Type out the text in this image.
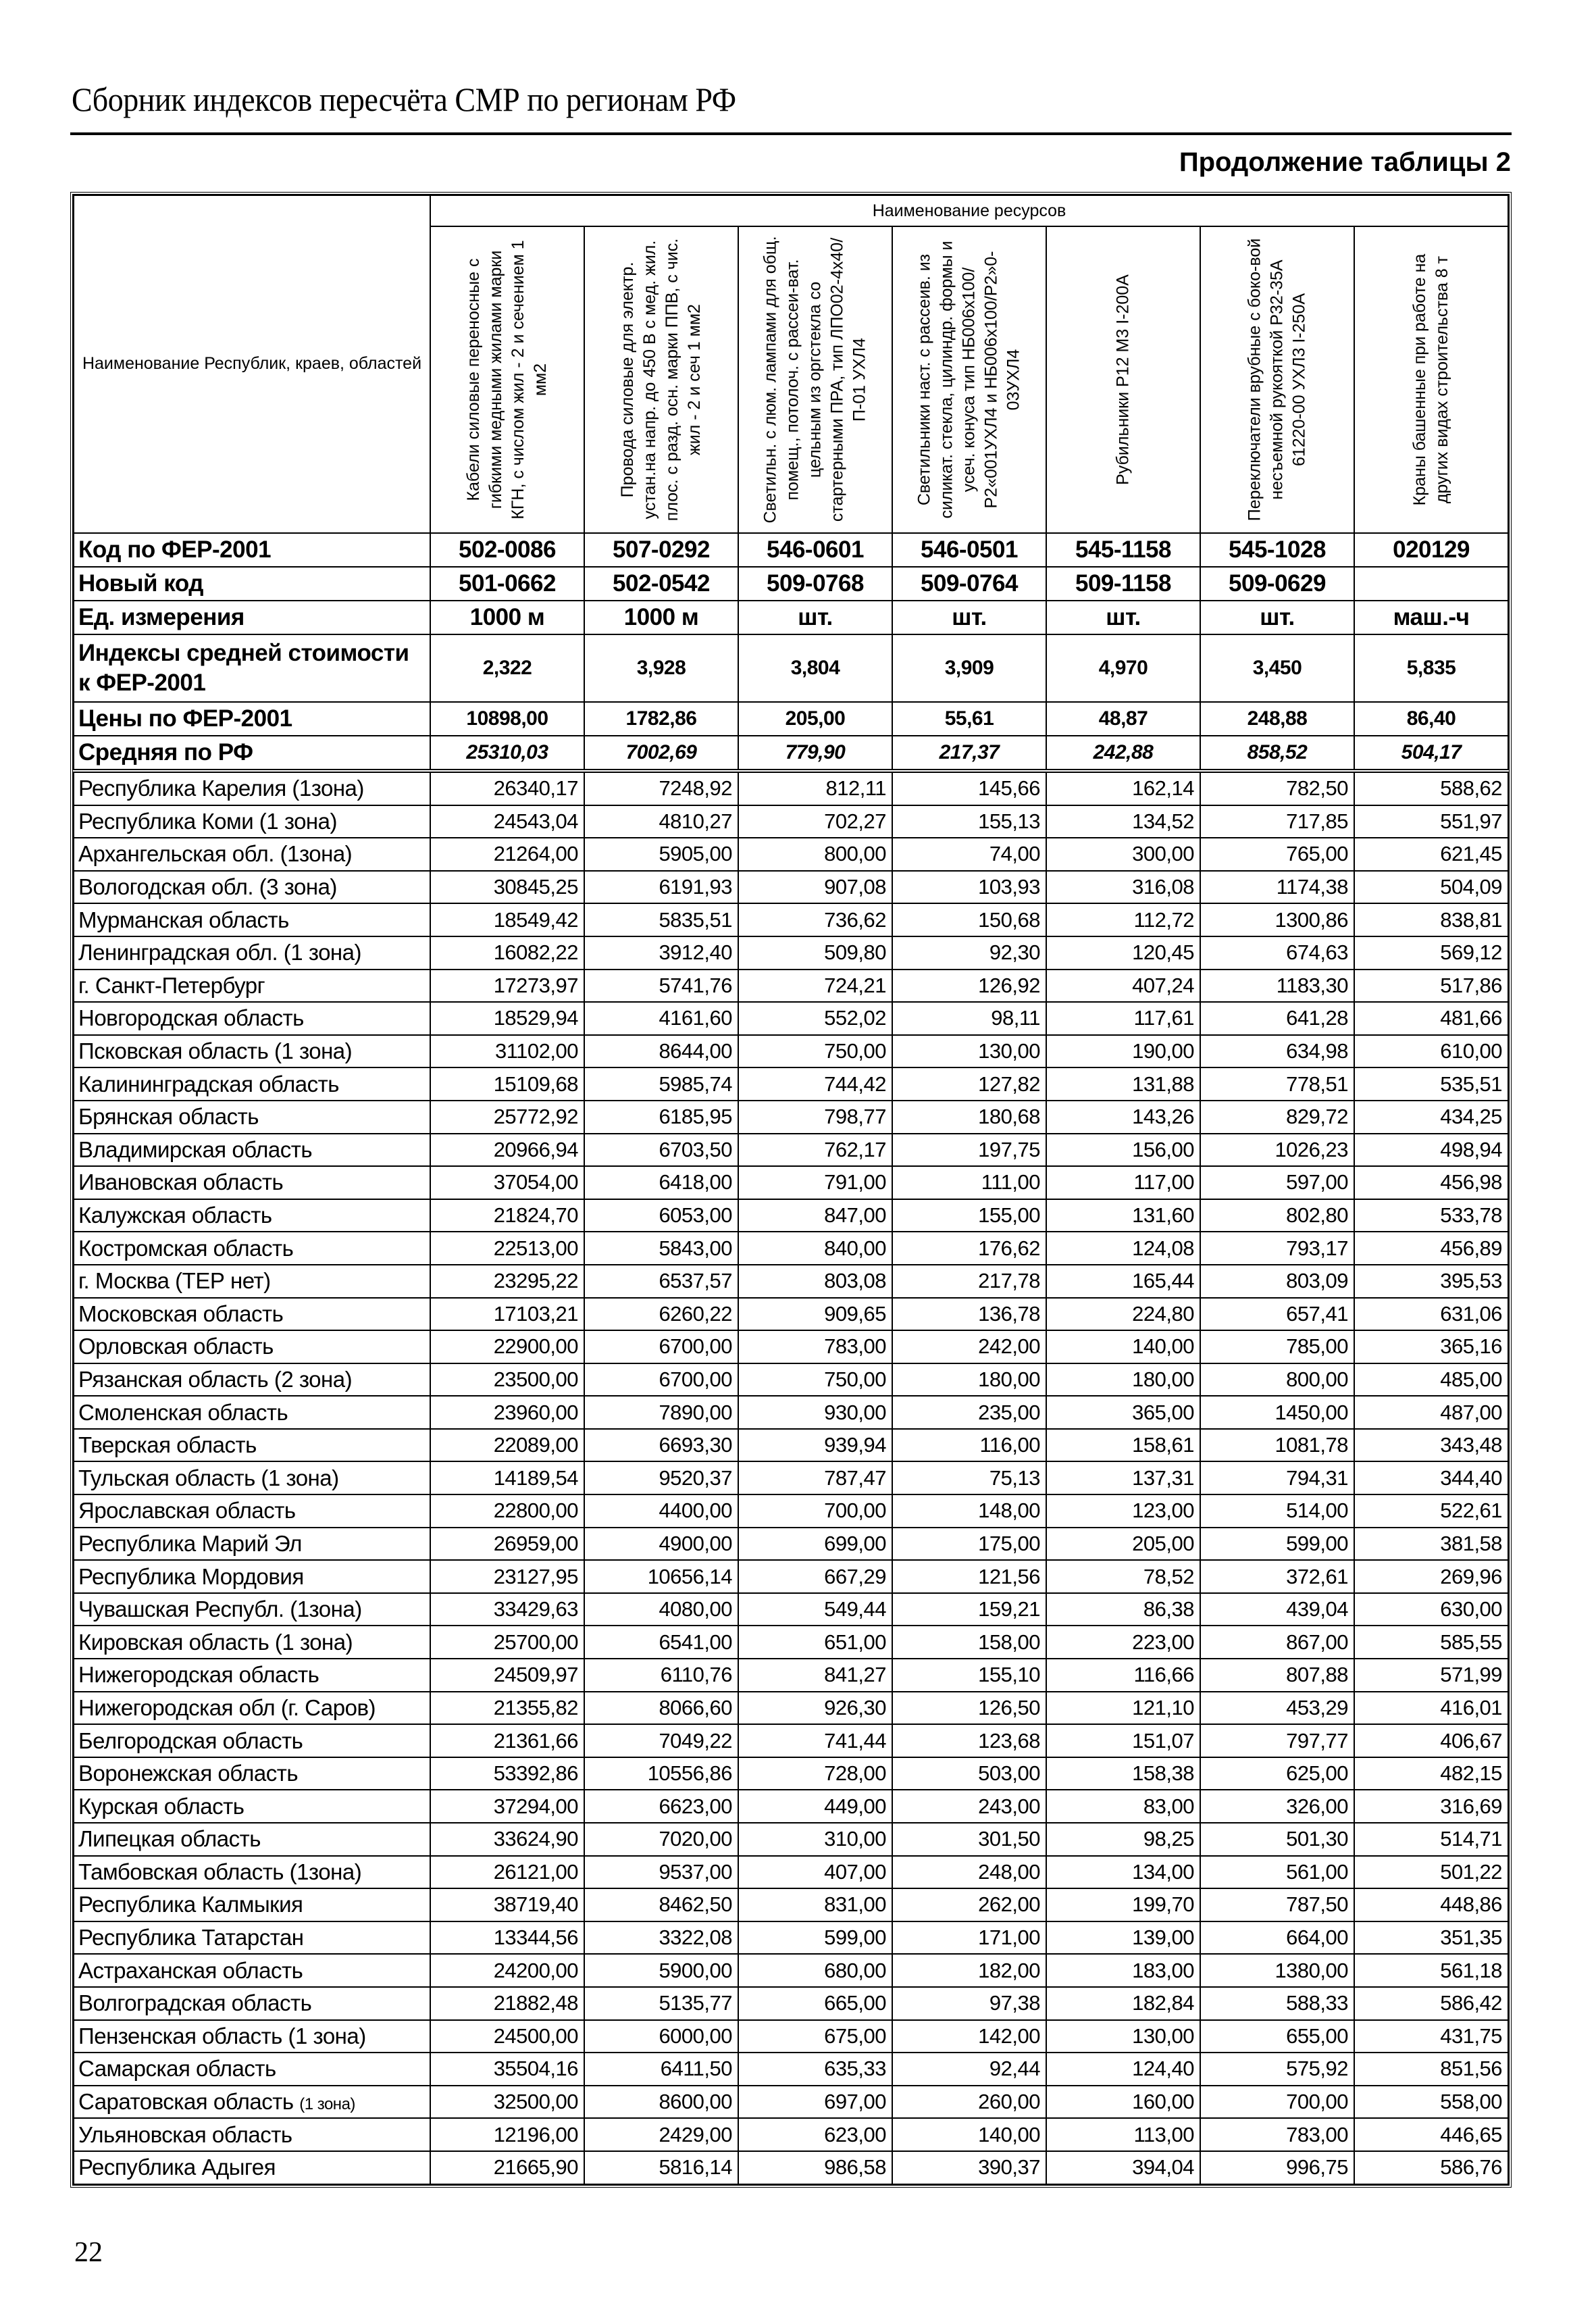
Сборник индексов пересчёта СМР по регионам РФ
Продолжение таблицы 2
Наименование Республик, краев, областей	Наименование ресурсов						

	Кабели силовые переносные с гибкими медными жилами марки КГН, с числом жил - 2 и сечением 1 мм2	Провода силовые для электр. устан.на напр. до 450 В с мед. жил. плос. с разд. осн. марки ППВ, с чис. жил - 2 и сеч 1 мм2	Светильн. с люм. лампами для общ. помещ., потолоч. с рассеи-ват. цельным из оргстекла со стартерными ПРА, тип ЛПО02-4х40/П-01 УХЛ4	Светильники наст. с рассеив. из силикат. стекла, цилиндр. формы и усеч. конуса тип НБ006х100/Р2«001УХЛ4 и НБ006х100/Р2»0-03УХЛ4	Рубильники Р12 М3 I-200А	Переключатели врубные с боко-вой несъемной рукояткой Р32-35А 61220-00 УХЛ3 I-250А	Краны башенные при работе на других видах строительства 8 т

Код по ФЕР-2001	502-0086	507-0292	546-0601	546-0501	545-1158	545-1028	020129
Новый код	501-0662	502-0542	509-0768	509-0764	509-1158	509-0629	
Ед. измерения	1000 м	1000 м	шт.	шт.	шт.	шт.	маш.-ч
Индексы средней стоимости к ФЕР-2001	2,322	3,928	3,804	3,909	4,970	3,450	5,835
Цены по ФЕР-2001	10898,00	1782,86	205,00	55,61	48,87	248,88	86,40
Средняя по РФ	25310,03	7002,69	779,90	217,37	242,88	858,52	504,17
Республика Карелия (1зона)	26340,17	7248,92	812,11	145,66	162,14	782,50	588,62
Республика Коми (1 зона)	24543,04	4810,27	702,27	155,13	134,52	717,85	551,97
Архангельская обл. (1зона)	21264,00	5905,00	800,00	74,00	300,00	765,00	621,45
Вологодская обл. (3 зона)	30845,25	6191,93	907,08	103,93	316,08	1174,38	504,09
Мурманская область	18549,42	5835,51	736,62	150,68	112,72	1300,86	838,81
Ленинградская обл. (1 зона)	16082,22	3912,40	509,80	92,30	120,45	674,63	569,12
г. Санкт-Петербург	17273,97	5741,76	724,21	126,92	407,24	1183,30	517,86
Новгородская область	18529,94	4161,60	552,02	98,11	117,61	641,28	481,66
Псковская область (1 зона)	31102,00	8644,00	750,00	130,00	190,00	634,98	610,00
Калининградская область	15109,68	5985,74	744,42	127,82	131,88	778,51	535,51
Брянская область	25772,92	6185,95	798,77	180,68	143,26	829,72	434,25
Владимирская область	20966,94	6703,50	762,17	197,75	156,00	1026,23	498,94
Ивановская область	37054,00	6418,00	791,00	111,00	117,00	597,00	456,98
Калужская область	21824,70	6053,00	847,00	155,00	131,60	802,80	533,78
Костромская область	22513,00	5843,00	840,00	176,62	124,08	793,17	456,89
г. Москва (ТЕР нет)	23295,22	6537,57	803,08	217,78	165,44	803,09	395,53
Московская область	17103,21	6260,22	909,65	136,78	224,80	657,41	631,06
Орловская область	22900,00	6700,00	783,00	242,00	140,00	785,00	365,16
Рязанская область (2 зона)	23500,00	6700,00	750,00	180,00	180,00	800,00	485,00
Смоленская область	23960,00	7890,00	930,00	235,00	365,00	1450,00	487,00
Тверская область	22089,00	6693,30	939,94	116,00	158,61	1081,78	343,48
Тульская область (1 зона)	14189,54	9520,37	787,47	75,13	137,31	794,31	344,40
Ярославская область	22800,00	4400,00	700,00	148,00	123,00	514,00	522,61
Республика Марий Эл	26959,00	4900,00	699,00	175,00	205,00	599,00	381,58
Республика Мордовия	23127,95	10656,14	667,29	121,56	78,52	372,61	269,96
Чувашская Республ. (1зона)	33429,63	4080,00	549,44	159,21	86,38	439,04	630,00
Кировская область (1 зона)	25700,00	6541,00	651,00	158,00	223,00	867,00	585,55
Нижегородская область	24509,97	6110,76	841,27	155,10	116,66	807,88	571,99
Нижегородская обл (г. Саров)	21355,82	8066,60	926,30	126,50	121,10	453,29	416,01
Белгородская область	21361,66	7049,22	741,44	123,68	151,07	797,77	406,67
Воронежская область	53392,86	10556,86	728,00	503,00	158,38	625,00	482,15
Курская область	37294,00	6623,00	449,00	243,00	83,00	326,00	316,69
Липецкая область	33624,90	7020,00	310,00	301,50	98,25	501,30	514,71
Тамбовская область (1зона)	26121,00	9537,00	407,00	248,00	134,00	561,00	501,22
Республика Калмыкия	38719,40	8462,50	831,00	262,00	199,70	787,50	448,86
Республика Татарстан	13344,56	3322,08	599,00	171,00	139,00	664,00	351,35
Астраханская область	24200,00	5900,00	680,00	182,00	183,00	1380,00	561,18
Волгоградская область	21882,48	5135,77	665,00	97,38	182,84	588,33	586,42
Пензенская область (1 зона)	24500,00	6000,00	675,00	142,00	130,00	655,00	431,75
Самарская область	35504,16	6411,50	635,33	92,44	124,40	575,92	851,56
Саратовская область (1 зона)	32500,00	8600,00	697,00	260,00	160,00	700,00	558,00
Ульяновская область	12196,00	2429,00	623,00	140,00	113,00	783,00	446,65
Республика Адыгея	21665,90	5816,14	986,58	390,37	394,04	996,75	586,76
22
